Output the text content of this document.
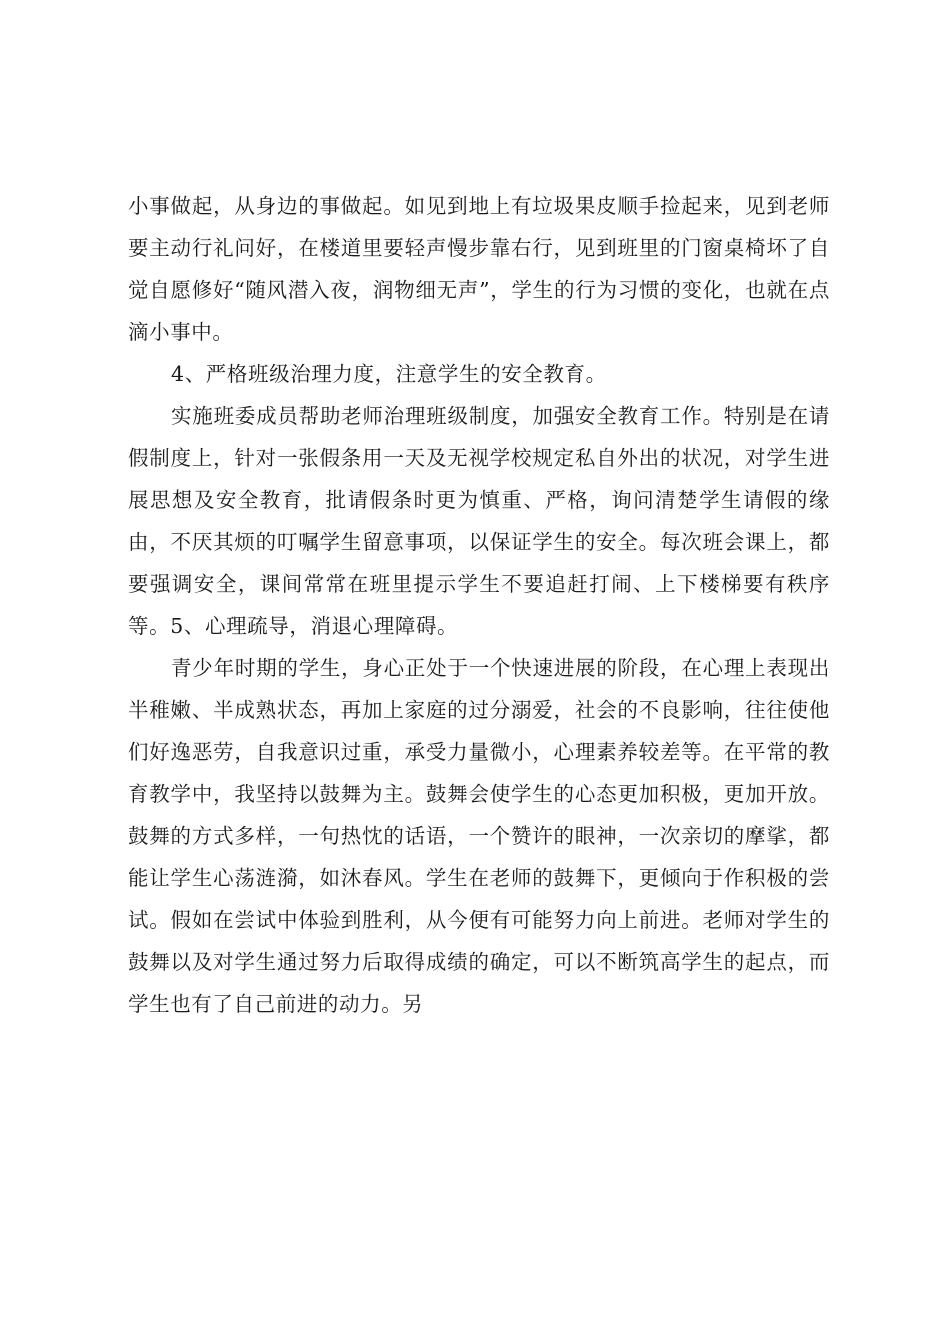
小事做起，从身边的事做起。如见到地上有垃圾果皮顺手捡起来，见到老师要主动行礼问好，在楼道里要轻声慢步靠右行，见到班里的门窗桌椅坏了自觉自愿修好“随风潜入夜，润物细无声”，学生的行为习惯的变化，也就在点滴小事中。

4、严格班级治理力度，注意学生的安全教育。

实施班委成员帮助老师治理班级制度，加强安全教育工作。特别是在请假制度上，针对一张假条用一天及无视学校规定私自外出的状况，对学生进展思想及安全教育，批请假条时更为慎重、严格，询问清楚学生请假的缘由，不厌其烦的叮嘱学生留意事项，以保证学生的安全。每次班会课上，都要强调安全，课间常常在班里提示学生不要追赶打闹、上下楼梯要有秩序等。5、心理疏导，消退心理障碍。

青少年时期的学生，身心正处于一个快速进展的阶段，在心理上表现出半稚嫩、半成熟状态，再加上家庭的过分溺爱，社会的不良影响，往往使他们好逸恶劳，自我意识过重，承受力量微小，心理素养较差等。在平常的教育教学中，我坚持以鼓舞为主。鼓舞会使学生的心态更加积极，更加开放。鼓舞的方式多样，一句热忱的话语，一个赞许的眼神，一次亲切的摩挲，都能让学生心荡涟漪，如沐春风。学生在老师的鼓舞下，更倾向于作积极的尝试。假如在尝试中体验到胜利，从今便有可能努力向上前进。老师对学生的鼓舞以及对学生通过努力后取得成绩的确定，可以不断筑高学生的起点，而学生也有了自己前进的动力。另
